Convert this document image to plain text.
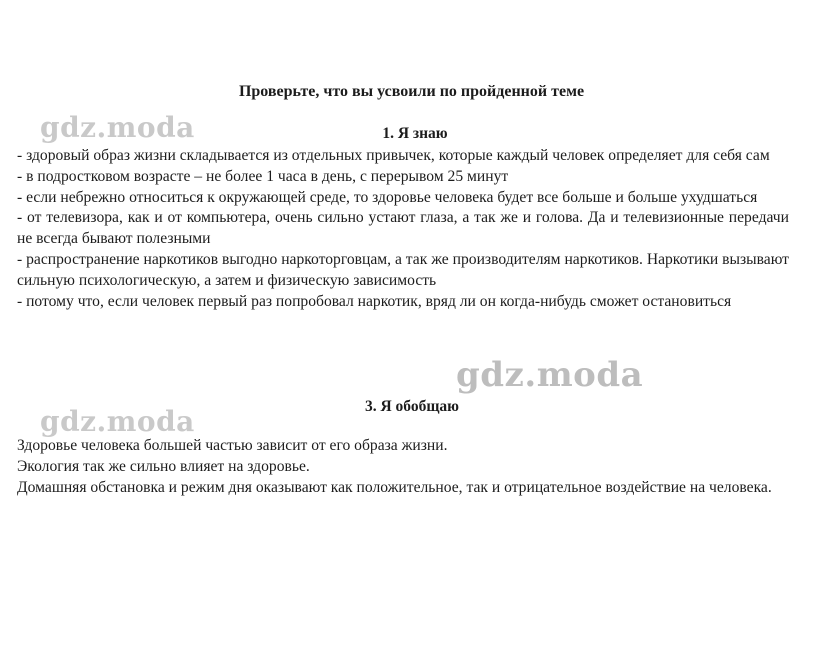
Проверьте, что вы усвоили по пройденной теме
gdz.moda	1. Я знаю

- здоровый образ жизни складывается из отдельных привычек, которые каждый человек определяет для себя сам

- в подростковом возрасте – не более 1 часа в день, с перерывом 25 минут

- если небрежно относиться к окружающей среде, то здоровье человека будет все больше и больше ухудшаться

- от телевизора, как и от компьютера, очень сильно устают глаза, а так же и голова. Да и телевизионные передачи не всегда бывают полезными

- распространение наркотиков выгодно наркоторговцам, а так же производителям наркотиков. Наркотики вызывают сильную психологическую, а затем и физическую зависимость

- потому что, если человек первый раз попробовал наркотик, вряд ли он когда-нибудь сможет остановиться

gdz.moda
3. Я обобщаю
gdz.moda

Здоровье человека большей частью зависит от его образа жизни.

Экология так же сильно влияет на здоровье.

Домашняя обстановка и режим дня оказывают как положительное, так и отрицательное воздействие на человека.
